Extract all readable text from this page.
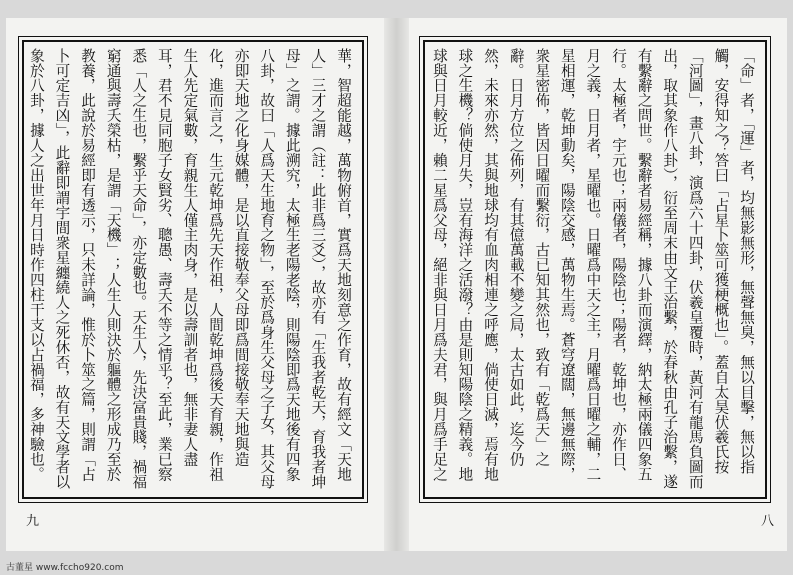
華，智超能越，萬物俯首，實爲天地刻意之作育，故有經文「天地人」三才之謂（註：此非爲三爻），故亦有「生我者乾天，育我者坤母」之謂。據此溯究，太極生老陽老陰，則陽陰即爲天地後有四象八卦，故曰「人爲天生地育之物」，至於爲身生父母之子女，其父母亦即天地之化身媒體，是以直接敬奉父母即爲間接敬奉天地與造化，進而言之，生元乾坤爲先天作祖，人間乾坤爲後天育親，作祖生人先定氣數，育親生人僅主肉身，是以壽訓者也，無非妻人盡耳，君不見同胞子女賢劣、聰愚、壽夭不等之情乎？至此，業已察悉「人之生也，繫乎天命」，亦定數也。天生人，先決富貴賤，禍福窮通與壽夭榮枯，是謂「天機」；人生人則決於軀體之形成乃至於教養，此說於易經即有透示，只未詳論，惟於卜筮之篇，則謂「占卜可定吉凶」，此辭即謂宇間衆星纏繞人之死休否，故有天文學者以象於八卦，據人之出世年月日時作四柱干支以占禍福，多神驗也。
九
「命」者，「運」者，均無影無形，無聲無臭，無以目擊，無以指觸，安得知之？答曰「占星卜筮可獲梗概也」。蓋自太昊伏羲氏按「河圖」，畫八卦，演爲六十四卦，伏羲皇覆時，黃河有龍馬負圖而出，取其象作八卦），衍至周末由文王治繫，於春秋由孔子治繫，遂有繫辭之問世。繫辭者易經稱，據八卦而演繹，納太極兩儀四象五行。太極者，宇元也；兩儀者，陽陰也；陽者，乾坤也，亦作日、月之義，日月者，星曜也。日曜爲中天之主，月曜爲日曜之輔，二星相運，乾坤動矣，陽陰交感，萬物生焉。蒼穹遼闊，無邊無際，衆星密佈，皆因日曜而繫衍，古已知其然也，致有「乾爲天」之辭。日月方位之佈列，有其億萬載不變之局，太古如此，迄今仍然，未來亦然，其與地球均有血肉相連之呼應，倘使日滅，焉有地球之生機？倘使月失，豈有海洋之活潑？由是則知陽陰之精義。地球與日月較近，賴二星爲父母，絕非與日月爲夫君，與月爲手足之
八
古董星 www.fccho920.com
